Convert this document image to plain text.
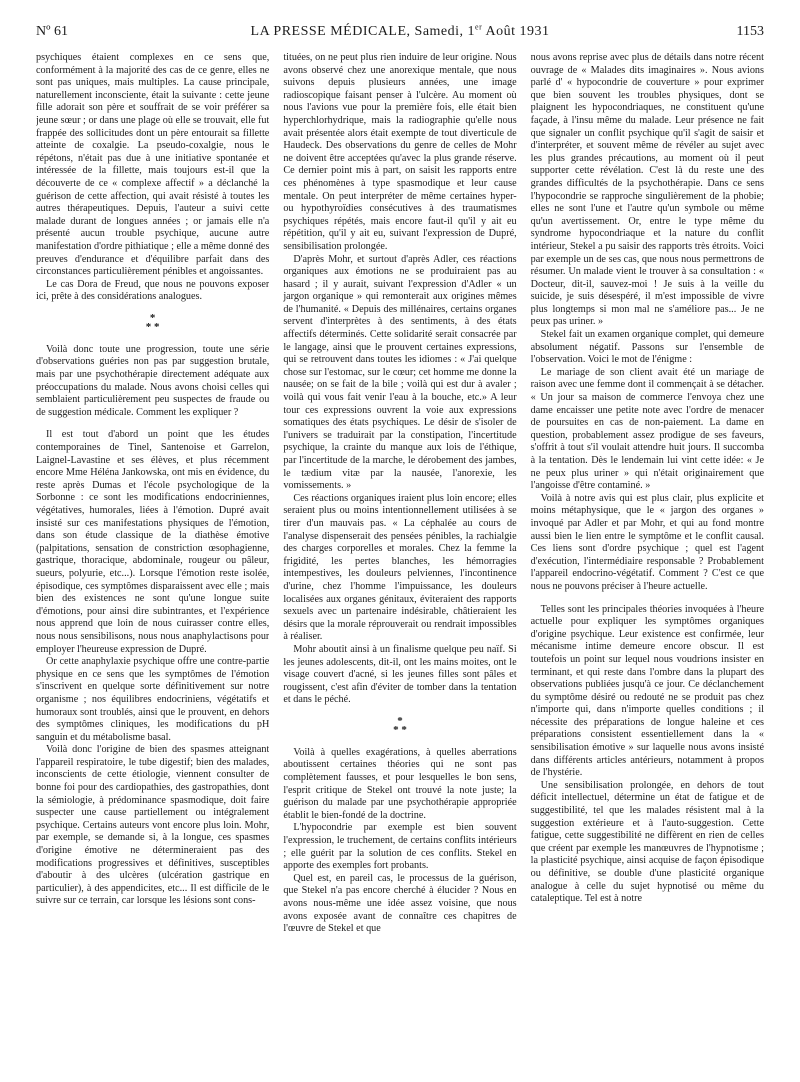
Nº 61	LA PRESSE MÉDICALE, Samedi, 1er Août 1931	1153

psychiques étaient complexes en ce sens que, conformément à la majorité des cas de ce genre, elles ne sont pas uniques, mais multiples. La cause principale, naturellement inconsciente, était la suivante : cette jeune fille adorait son père et souffrait de se voir préférer sa jeune sœur ; or dans une plage où elle se trouvait, elle fut frappée des sollicitudes dont un père entourait sa fillette atteinte de coxalgie. La pseudo-coxalgie, nous le répétons, n'était pas due à une initiative spontanée et intéressée de la fillette, mais toujours est-il que la découverte de ce « complexe affectif » a déclanché la guérison de cette affection, qui avait résisté à toutes les autres thérapeutiques. Depuis, l'auteur a suivi cette malade durant de longues années ; or jamais elle n'a présenté aucun trouble psychique, aucune autre manifestation d'ordre pithiatique ; elle a même donné des preuves d'endurance et d'équilibre parfait dans des circonstances particulièrement pénibles et angoissantes.

Le cas Dora de Freud, que nous ne pouvons exposer ici, prête à des considérations analogues.

*
* *

Voilà donc toute une progression, toute une série d'observations guéries non pas par suggestion brutale, mais par une psychothérapie directement adéquate aux préoccupations du malade. Nous avons choisi celles qui semblaient particulièrement peu suspectes de fraude ou de suggestion médicale. Comment les expliquer ?

Il est tout d'abord un point que les études contemporaines de Tinel, Santenoise et Garrelon, Laignel-Lavastine et ses élèves, et plus récemment encore Mme Héléna Jankowska, ont mis en évidence, du reste après Dumas et l'école psychologique de la Sorbonne : ce sont les modifications endocriniennes, végétatives, humorales, liées à l'émotion. Dupré avait insisté sur ces manifestations physiques de l'émotion, dans son étude classique de la diathèse émotive (palpitations, sensation de constriction œsophagienne, gastrique, thoracique, abdominale, rougeur ou pâleur, sueurs, polyurie, etc...). Lorsque l'émotion reste isolée, épisodique, ces symptômes disparaissent avec elle ; mais bien des existences ne sont qu'une longue suite d'émotions, pour ainsi dire subintrantes, et l'expérience nous apprend que loin de nous cuirasser contre elles, nous nous sensibilisons, nous nous anaphylactisons pour employer l'heureuse expression de Dupré.

Or cette anaphylaxie psychique offre une contre-partie physique en ce sens que les symptômes de l'émotion s'inscrivent en quelque sorte définitivement sur notre organisme ; nos équilibres endocriniens, végétatifs et humoraux sont troublés, ainsi que le prouvent, en dehors des symptômes cliniques, les modifications du pH sanguin et du métabolisme basal.

Voilà donc l'origine de bien des spasmes atteignant l'appareil respiratoire, le tube digestif; bien des malades, inconscients de cette étiologie, viennent consulter de bonne foi pour des cardiopathies, des gastropathies, dont la sémiologie, à prédominance spasmodique, doit faire suspecter une cause partiellement ou intégralement psychique. Certains auteurs vont encore plus loin. Mohr, par exemple, se demande si, à la longue, ces spasmes d'origine émotive ne détermineraient pas des modifications progressives et définitives, susceptibles d'aboutir à des ulcères (ulcération gastrique en particulier), à des appendicites, etc... Il est difficile de le suivre sur ce terrain, car lorsque les lésions sont cons-

tituées, on ne peut plus rien induire de leur origine. Nous avons observé chez une anorexique mentale, que nous suivons depuis plusieurs années, une image radioscopique faisant penser à l'ulcère. Au moment où nous l'avions vue pour la première fois, elle était bien hyperchlorhydrique, mais la radiographie qu'elle nous avait présentée alors était exempte de tout diverticule de Haudeck. Des observations du genre de celles de Mohr ne doivent être acceptées qu'avec la plus grande réserve. Ce dernier point mis à part, on saisit les rapports entre ces phénomènes à type spasmodique et leur cause mentale. On peut interpréter de même certaines hyper- ou hypothyroïdies consécutives à des traumatismes psychiques répétés, mais encore faut-il qu'il y ait eu répétition, qu'il y ait eu, suivant l'expression de Dupré, sensibilisation prolongée.

D'après Mohr, et surtout d'après Adler, ces réactions organiques aux émotions ne se produiraient pas au hasard ; il y aurait, suivant l'expression d'Adler « un jargon organique » qui remonterait aux origines mêmes de l'humanité. « Depuis des millénaires, certains organes servent d'interprètes à des sentiments, à des états affectifs déterminés. Cette solidarité serait consacrée par le langage, ainsi que le prouvent certaines expressions, qui se retrouvent dans toutes les idiomes : « J'ai quelque chose sur l'estomac, sur le cœur; cet homme me donne la nausée; on se fait de la bile ; voilà qui est dur à avaler ; voilà qui vous fait venir l'eau à la bouche, etc.» A leur tour ces expressions ouvrent la voie aux expressions somatiques des états psychiques. Le désir de s'isoler de l'univers se traduirait par la constipation, l'incertitude psychique, la crainte du manque aux lois de l'éthique, par l'incertitude de la marche, le dérobement des jambes, le tædium vitæ par la nausée, l'anorexie, les vomissements. »

Ces réactions organiques iraient plus loin encore; elles seraient plus ou moins intentionnellement utilisées à se tirer d'un mauvais pas. « La céphalée au cours de l'analyse dispenserait des pensées pénibles, la rachialgie des charges corporelles et morales. Chez la femme la frigidité, les pertes blanches, les hémorragies intempestives, les douleurs pelviennes, l'incontinence d'urine, chez l'homme l'impuissance, les douleurs localisées aux organes génitaux, éviteraient des rapports sexuels avec un partenaire indésirable, châtieraient les désirs que la morale réprouverait ou rendrait impossibles à réaliser.

Mohr aboutit ainsi à un finalisme quelque peu naïf. Si les jeunes adolescents, dit-il, ont les mains moites, ont le visage couvert d'acné, si les jeunes filles sont pâles et rougissent, c'est afin d'éviter de tomber dans la tentation et dans le péché.

*
* *

Voilà à quelles exagérations, à quelles aberrations aboutissent certaines théories qui ne sont pas complètement fausses, et pour lesquelles le bon sens, l'esprit critique de Stekel ont trouvé la note juste; la guérison du malade par une psychothérapie appropriée établit le bien-fondé de la doctrine.

L'hypocondrie par exemple est bien souvent l'expression, le truchement, de certains conflits intérieurs ; elle guérit par la solution de ces conflits. Stekel en apporte des exemples fort probants.

Quel est, en pareil cas, le processus de la guérison, que Stekel n'a pas encore cherché à élucider ? Nous en avons nous-même une idée assez voisine, que nous avons exposée avant de connaître ces chapitres de l'œuvre de Stekel et que

nous avons reprise avec plus de détails dans notre récent ouvrage de « Malades dits imaginaires ». Nous avions parlé d' « hypocondrie de couverture » pour exprimer que bien souvent les troubles physiques, dont se plaignent les hypocondriaques, ne constituent qu'une façade, à l'insu même du malade. Leur présence ne fait que signaler un conflit psychique qu'il s'agit de saisir et d'interpréter, et souvent même de révéler au sujet avec les plus grandes précautions, au moment où il peut supporter cette révélation. C'est là du reste une des grandes difficultés de la psychothérapie. Dans ce sens l'hypocondrie se rapproche singulièrement de la phobie; elles ne sont l'une et l'autre qu'un symbole ou même qu'un avertissement. Or, entre le type même du syndrome hypocondriaque et la nature du conflit intérieur, Stekel a pu saisir des rapports très étroits. Voici par exemple un de ses cas, que nous nous permettrons de résumer. Un malade vient le trouver à sa consultation : « Docteur, dit-il, sauvez-moi ! Je suis à la veille du suicide, je suis désespéré, il m'est impossible de vivre plus longtemps si mon mal ne s'améliore pas... Je ne peux pas uriner. »

Stekel fait un examen organique complet, qui demeure absolument négatif. Passons sur l'ensemble de l'observation. Voici le mot de l'énigme :

Le mariage de son client avait été un mariage de raison avec une femme dont il commençait à se détacher. « Un jour sa maison de commerce l'envoya chez une dame encaisser une petite note avec l'ordre de menacer de poursuites en cas de non-paiement. La dame en question, probablement assez prodigue de ses faveurs, s'offrit à tout s'il voulait attendre huit jours. Il succomba à la tentation. Dès le lendemain lui vint cette idée: « Je ne peux plus uriner » qui n'était originairement que l'angoisse d'être contaminé. »

Voilà à notre avis qui est plus clair, plus explicite et moins métaphysique, que le « jargon des organes » invoqué par Adler et par Mohr, et qui au fond montre aussi bien le lien entre le symptôme et le conflit causal. Ces liens sont d'ordre psychique ; quel est l'agent d'exécution, l'intermédiaire responsable ? Probablement l'appareil endocrino-végétatif. Comment ? C'est ce que nous ne pouvons préciser à l'heure actuelle.

Telles sont les principales théories invoquées à l'heure actuelle pour expliquer les symptômes organiques d'origine psychique. Leur existence est confirmée, leur mécanisme intime demeure encore obscur. Il est toutefois un point sur lequel nous voudrions insister en terminant, et qui reste dans l'ombre dans la plupart des observations publiées jusqu'à ce jour. Ce déclanchement du symptôme désiré ou redouté ne se produit pas chez n'importe qui, dans n'importe quelles conditions ; il nécessite des préparations de longue haleine et ces préparations consistent essentiellement dans la « sensibilisation émotive » sur laquelle nous avons insisté dans différents articles antérieurs, notamment à propos de l'hystérie.

Une sensibilisation prolongée, en dehors de tout déficit intellectuel, détermine un état de fatigue et de suggestibilité, tel que les malades résistent mal à la suggestion extérieure et à l'auto-suggestion. Cette fatigue, cette suggestibilité ne diffèrent en rien de celles que créent par exemple les manœuvres de l'hypnotisme ; la plasticité psychique, ainsi acquise de façon épisodique ou définitive, se double d'une plasticité organique analogue à celle du sujet hypnotisé ou même du cataleptique. Tel est à notre
